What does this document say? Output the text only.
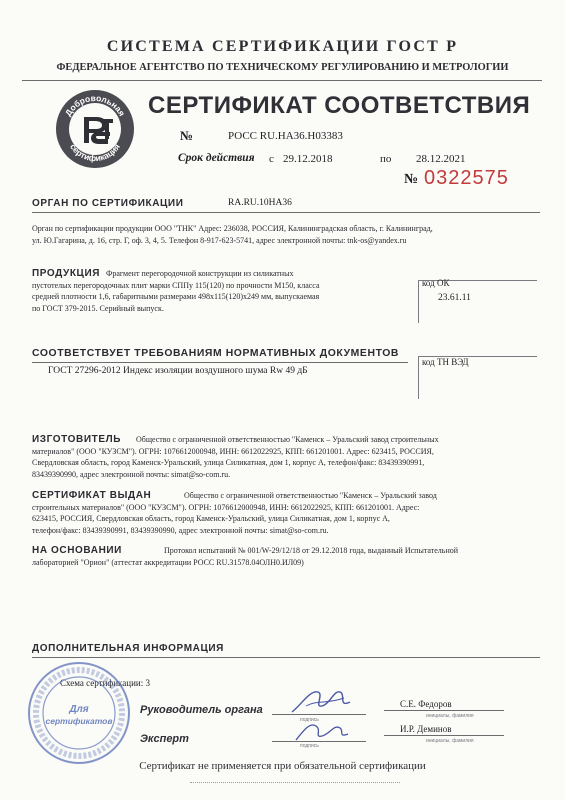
СИСТЕМА СЕРТИФИКАЦИИ ГОСТ Р
ФЕДЕРАЛЬНОЕ АГЕНТСТВО ПО ТЕХНИЧЕСКОМУ РЕГУЛИРОВАНИЮ И МЕТРОЛОГИИ
Добровольная
сертификация
СЕРТИФИКАТ СООТВЕТСТВИЯ
№	РОСС RU.НА36.Н03383
Срок действия с 29.12.2018	по 28.12.2021
№ 0322575
ОРГАН ПО СЕРТИФИКАЦИИ	RA.RU.10HA36
Орган по сертификации продукции ООО "ТНК" Адрес: 236038, РОССИЯ, Калининградская область, г. Калининград,
ул. Ю.Гагарина, д. 16, стр. Г, оф. 3, 4, 5. Телефон 8-917-623-5741, адрес электронной почты: tnk-os@yandex.ru
ПРОДУКЦИЯ Фрагмент перегородочной конструкции из силикатных
пустотелых перегородочных плит марки СППу 115(120) по прочности М150, класса
средней плотности 1,6, габаритными размерами 498х115(120)х249 мм, выпускаемая
по ГОСТ 379-2015. Серийный выпуск.
код ОК
23.61.11
СООТВЕТСТВУЕТ ТРЕБОВАНИЯМ НОРМАТИВНЫХ ДОКУМЕНТОВ
ГОСТ 27296-2012 Индекс изоляции воздушного шума Rw 49 дБ
код ТН ВЭД
ИЗГОТОВИТЕЛЬ	Общество с ограниченной ответственностью "Каменск – Уральский завод строительных
материалов" (ООО "КУЗСМ"). ОГРН: 1076612000948, ИНН: 6612022925, КПП: 661201001. Адрес: 623415, РОССИЯ,
Свердловская область, город Каменск-Уральский, улица Силикатная, дом 1, корпус А, телефон/факс: 83439390991,
83439390990, адрес электронной почты: simat@so-com.ru.
СЕРТИФИКАТ ВЫДАН	Общество с ограниченной ответственностью "Каменск – Уральский завод
строительных материалов" (ООО "КУЗСМ"). ОГРН: 1076612000948, ИНН: 6612022925, КПП: 661201001. Адрес:
623415, РОССИЯ, Свердловская область, город Каменск-Уральский, улица Силикатная, дом 1, корпус А,
телефон/факс: 83439390991, 83439390990, адрес электронной почты: simat@so-com.ru.
НА ОСНОВАНИИ	Протокол испытаний № 001/W-29/12/18 от 29.12.2018 года, выданный Испытательной
лабораторией "Орион" (аттестат аккредитации РОСС RU.31578.04ОЛН0.ИЛ09)
ДОПОЛНИТЕЛЬНАЯ ИНФОРМАЦИЯ
Схема сертификации: 3
Для
сертификатов
Руководитель органа
подпись
С.Е. Федоров
инициалы, фамилия
Эксперт
подпись
И.Р. Деминов
инициалы, фамилия
Сертификат не применяется при обязательной сертификации
